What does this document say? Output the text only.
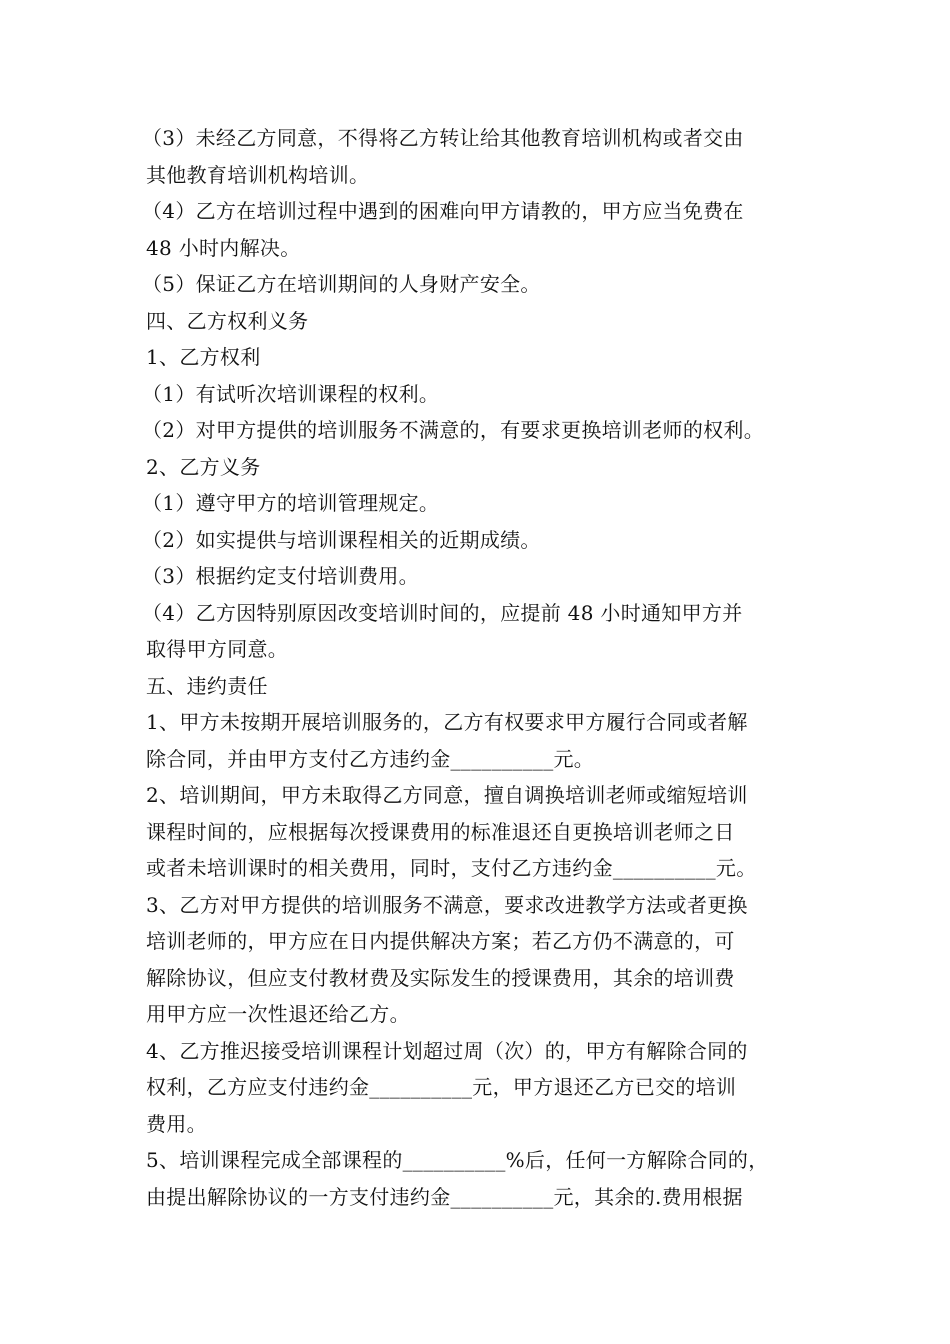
（3）未经乙方同意，不得将乙方转让给其他教育培训机构或者交由
其他教育培训机构培训。
（4）乙方在培训过程中遇到的困难向甲方请教的，甲方应当免费在
48 小时内解决。
（5）保证乙方在培训期间的人身财产安全。
四、乙方权利义务
1、乙方权利
（1）有试听次培训课程的权利。
（2）对甲方提供的培训服务不满意的，有要求更换培训老师的权利。
2、乙方义务
（1）遵守甲方的培训管理规定。
（2）如实提供与培训课程相关的近期成绩。
（3）根据约定支付培训费用。
（4）乙方因特别原因改变培训时间的，应提前 48 小时通知甲方并
取得甲方同意。
五、违约责任
1、甲方未按期开展培训服务的，乙方有权要求甲方履行合同或者解
除合同，并由甲方支付乙方违约金__________元。
2、培训期间，甲方未取得乙方同意，擅自调换培训老师或缩短培训
课程时间的，应根据每次授课费用的标准退还自更换培训老师之日
或者未培训课时的相关费用，同时，支付乙方违约金__________元。
3、乙方对甲方提供的培训服务不满意，要求改进教学方法或者更换
培训老师的，甲方应在日内提供解决方案；若乙方仍不满意的，可
解除协议，但应支付教材费及实际发生的授课费用，其余的培训费
用甲方应一次性退还给乙方。
4、乙方推迟接受培训课程计划超过周（次）的，甲方有解除合同的
权利，乙方应支付违约金__________元，甲方退还乙方已交的培训
费用。
5、培训课程完成全部课程的__________%后，任何一方解除合同的，
由提出解除协议的一方支付违约金__________元，其余的.费用根据
